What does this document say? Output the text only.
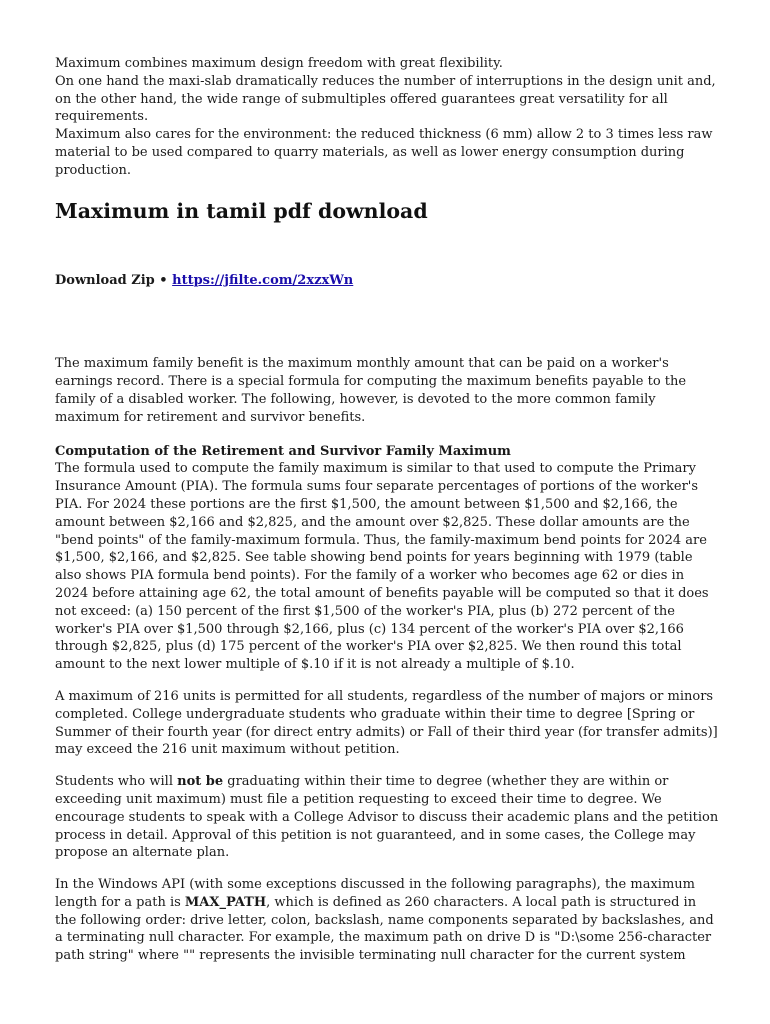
Maximum combines maximum design freedom with great flexibility.

On one hand the maxi-slab dramatically reduces the number of interruptions in the design unit and, on the other hand, the wide range of submultiples offered guarantees great versatility for all requirements.

Maximum also cares for the environment: the reduced thickness (6 mm) allow 2 to 3 times less raw material to be used compared to quarry materials, as well as lower energy consumption during production.

Maximum in tamil pdf download
Download Zip • https://jfilte.com/2xzxWn

The maximum family benefit is the maximum monthly amount that can be paid on a worker's earnings record. There is a special formula for computing the maximum benefits payable to the family of a disabled worker. The following, however, is devoted to the more common family maximum for retirement and survivor benefits.

Computation of the Retirement and Survivor Family Maximum

The formula used to compute the family maximum is similar to that used to compute the Primary Insurance Amount (PIA). The formula sums four separate percentages of portions of the worker's PIA. For 2024 these portions are the first $1,500, the amount between $1,500 and $2,166, the amount between $2,166 and $2,825, and the amount over $2,825. These dollar amounts are the "bend points" of the family-maximum formula. Thus, the family-maximum bend points for 2024 are $1,500, $2,166, and $2,825. See table showing bend points for years beginning with 1979 (table also shows PIA formula bend points). For the family of a worker who becomes age 62 or dies in 2024 before attaining age 62, the total amount of benefits payable will be computed so that it does not exceed: (a) 150 percent of the first $1,500 of the worker's PIA, plus (b) 272 percent of the worker's PIA over $1,500 through $2,166, plus (c) 134 percent of the worker's PIA over $2,166 through $2,825, plus (d) 175 percent of the worker's PIA over $2,825. We then round this total amount to the next lower multiple of $.10 if it is not already a multiple of $.10.

A maximum of 216 units is permitted for all students, regardless of the number of majors or minors completed. College undergraduate students who graduate within their time to degree [Spring or Summer of their fourth year (for direct entry admits) or Fall of their third year (for transfer admits)] may exceed the 216 unit maximum without petition.

Students who will not be graduating within their time to degree (whether they are within or exceeding unit maximum) must file a petition requesting to exceed their time to degree. We encourage students to speak with a College Advisor to discuss their academic plans and the petition process in detail. Approval of this petition is not guaranteed, and in some cases, the College may propose an alternate plan.

In the Windows API (with some exceptions discussed in the following paragraphs), the maximum length for a path is MAX_PATH, which is defined as 260 characters. A local path is structured in the following order: drive letter, colon, backslash, name components separated by backslashes, and a terminating null character. For example, the maximum path on drive D is "D:\some 256-character path string" where "" represents the invisible terminating null character for the current system
